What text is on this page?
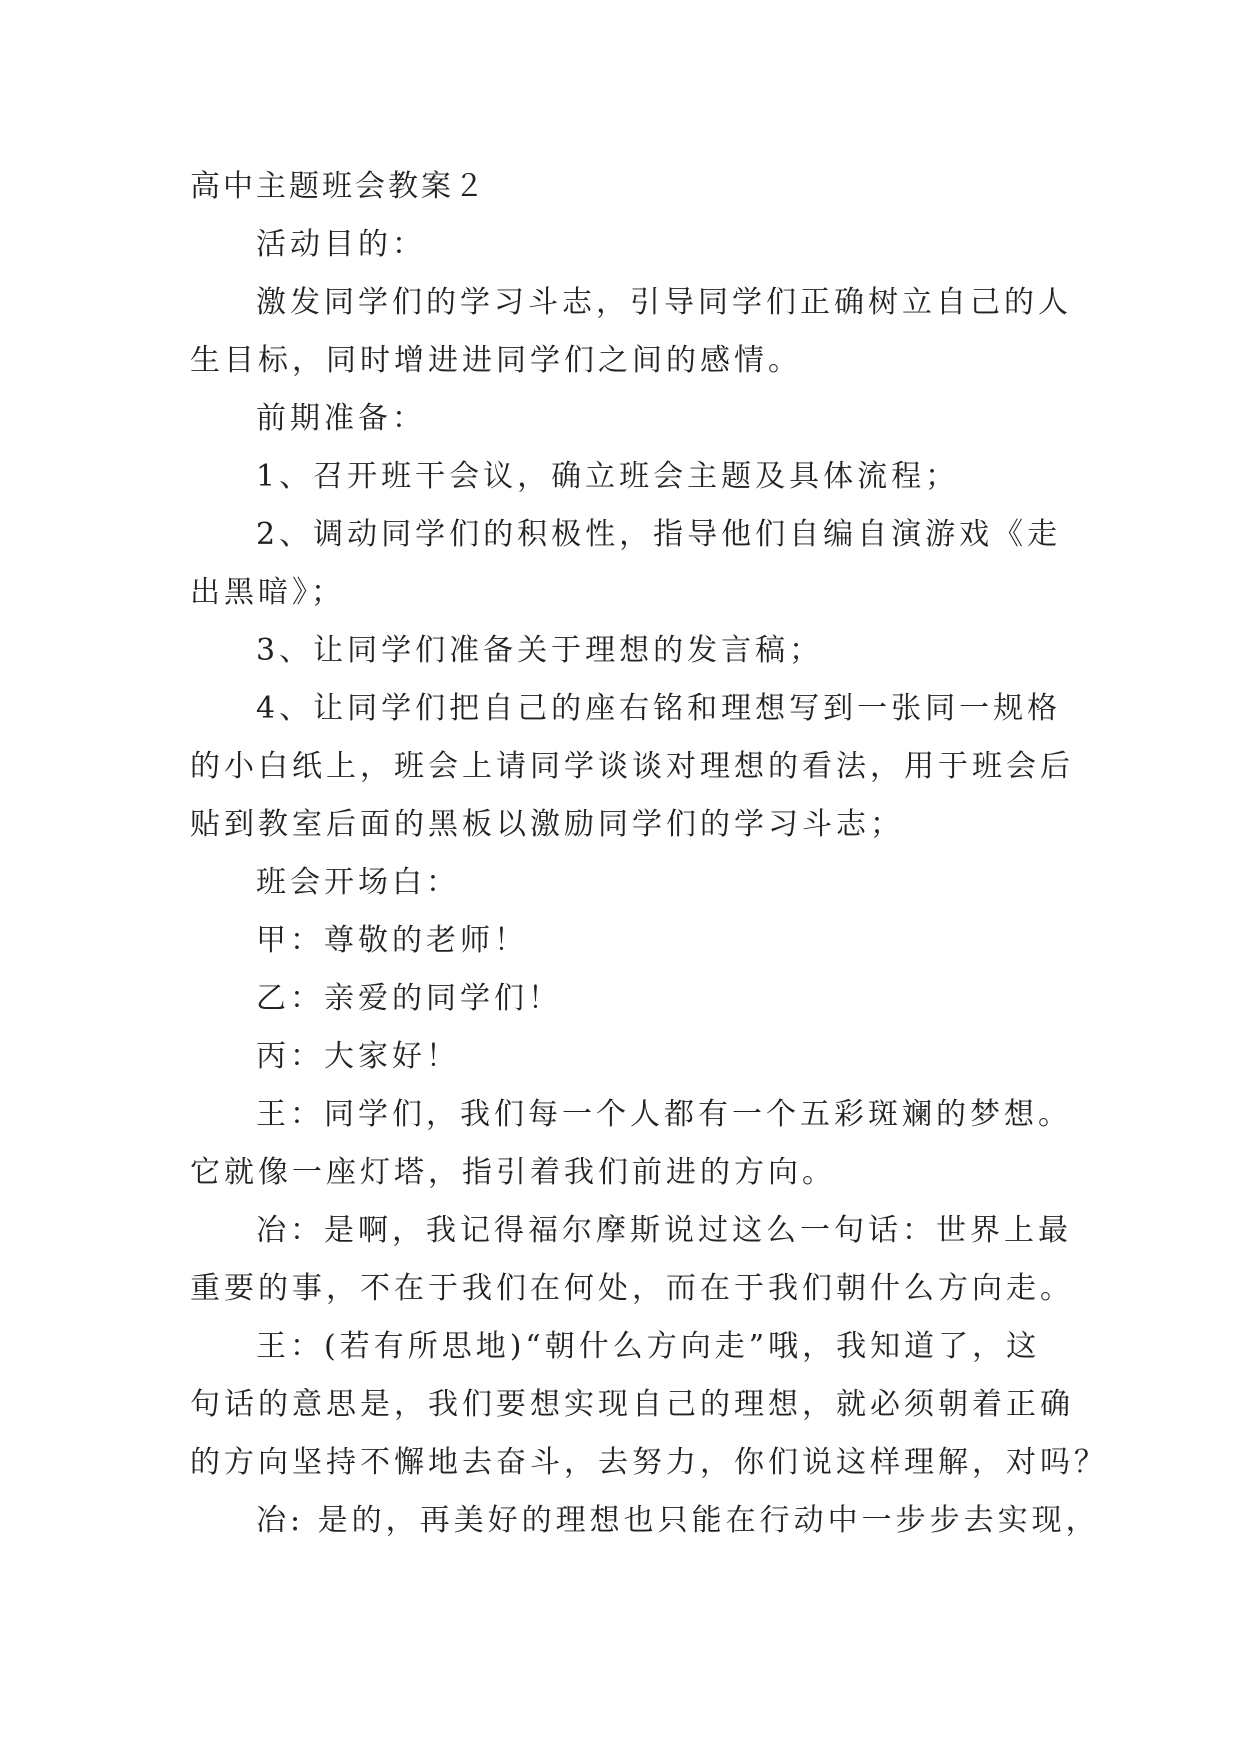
高中主题班会教案２
活动目的：
激发同学们的学习斗志，引导同学们正确树立自己的人
生目标，同时增进进同学们之间的感情。
前期准备：
1、召开班干会议，确立班会主题及具体流程；
2、调动同学们的积极性，指导他们自编自演游戏《走
出黑暗》；
3、让同学们准备关于理想的发言稿；
4、让同学们把自己的座右铭和理想写到一张同一规格
的小白纸上，班会上请同学谈谈对理想的看法，用于班会后
贴到教室后面的黑板以激励同学们的学习斗志；
班会开场白：
甲：尊敬的老师！
乙：亲爱的同学们！
丙：大家好！
王：同学们，我们每一个人都有一个五彩斑斓的梦想。
它就像一座灯塔，指引着我们前进的方向。
冶：是啊，我记得福尔摩斯说过这么一句话：世界上最
重要的事，不在于我们在何处，而在于我们朝什么方向走。
王：(若有所思地)“朝什么方向走”哦，我知道了，这
句话的意思是，我们要想实现自己的理想，就必须朝着正确
的方向坚持不懈地去奋斗，去努力，你们说这样理解，对吗？
冶: 是的，再美好的理想也只能在行动中一步步去实现，
